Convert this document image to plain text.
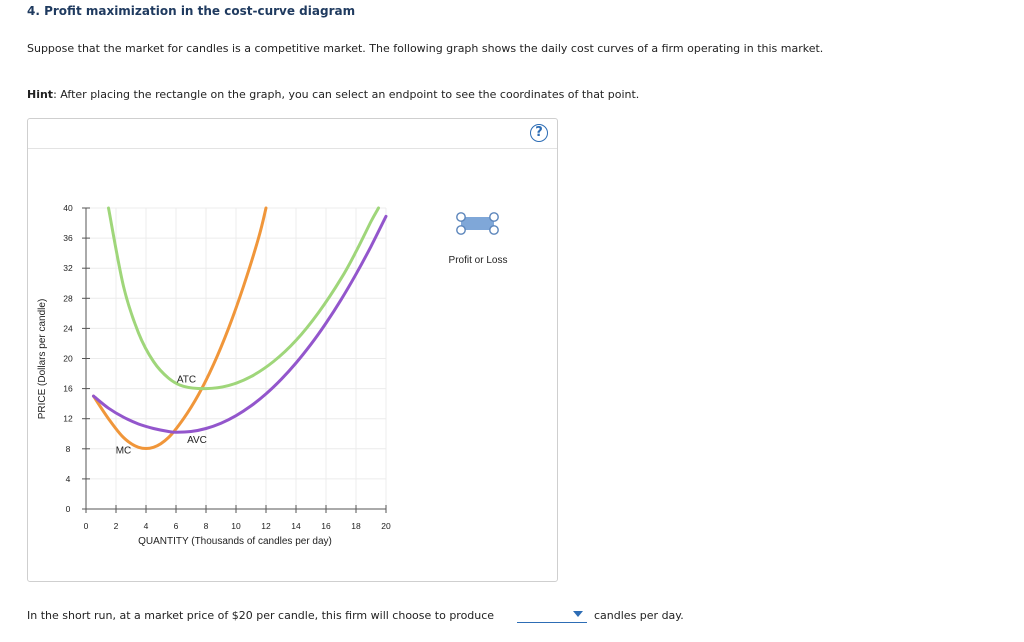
4. Profit maximization in the cost-curve diagram
Suppose that the market for candles is a competitive market. The following graph shows the daily cost curves of a firm operating in this market.
Hint: After placing the rectangle on the graph, you can select an endpoint to see the coordinates of that point.
?
0	2	4	6	8	10 12 14 16 18 20
0
4
8
12
16
20
24
28
32
36
40
MC
ATC
AVC
QUANTITY (Thousands of candles per day)
PRICE (Dollars per candle)
Profit or Loss
In the short run, at a market price of $20 per candle, this firm will choose to produce	candles per day.
